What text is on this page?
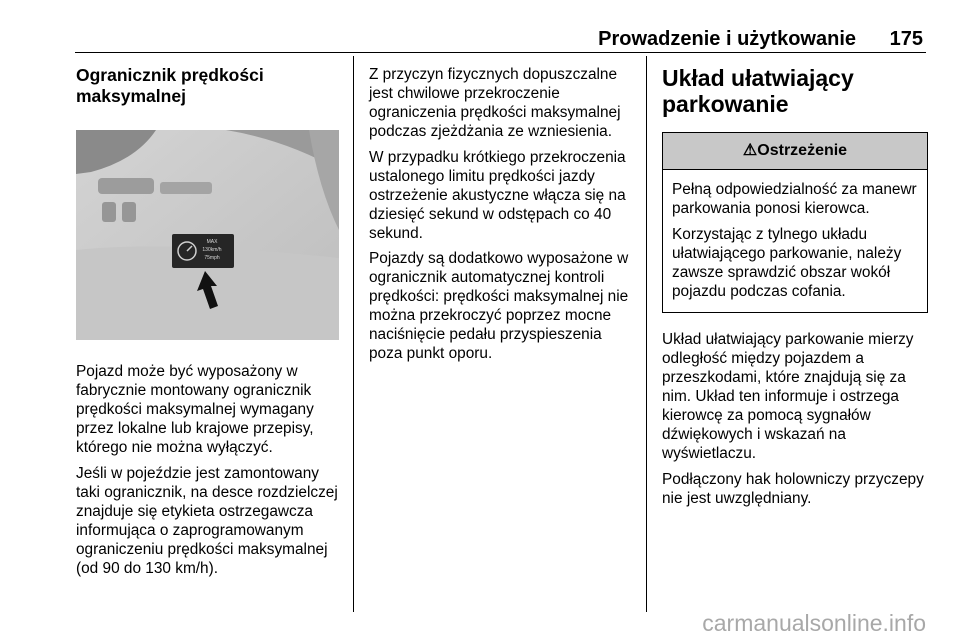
Prowadzenie i użytkowanie 175
Ogranicznik prędkości maksymalnej
MAX
130km/h
75mph

Pojazd może być wyposażony w fabrycznie montowany ogranicznik prędkości maksymalnej wymagany przez lokalne lub krajowe przepisy, którego nie można wyłączyć.

Jeśli w pojeździe jest zamontowany taki ogranicznik, na desce rozdzielczej znajduje się etykieta ostrzegawcza informująca o zaprogramowanym ograniczeniu prędkości maksymalnej (od 90 do 130 km/h).

Z przyczyn fizycznych dopuszczalne jest chwilowe przekroczenie ograniczenia prędkości maksymalnej podczas zjeżdżania ze wzniesienia.

W przypadku krótkiego przekroczenia ustalonego limitu prędkości jazdy ostrzeżenie akustyczne włącza się na dziesięć sekund w odstępach co 40 sekund.

Pojazdy są dodatkowo wyposażone w ogranicznik automatycznej kontroli prędkości: prędkości maksymalnej nie można przekroczyć poprzez mocne naciśnięcie pedału przyspieszenia poza punkt oporu.

Układ ułatwiający parkowanie
⚠Ostrzeżenie

Pełną odpowiedzialność za manewr parkowania ponosi kierowca.

Korzystając z tylnego układu ułatwiającego parkowanie, należy zawsze sprawdzić obszar wokół pojazdu podczas cofania.

Układ ułatwiający parkowanie mierzy odległość między pojazdem a przeszkodami, które znajdują się za nim. Układ ten informuje i ostrzega kierowcę za pomocą sygnałów dźwiękowych i wskazań na wyświetlaczu.

Podłączony hak holowniczy przyczepy nie jest uwzględniany.

carmanualsonline.info
